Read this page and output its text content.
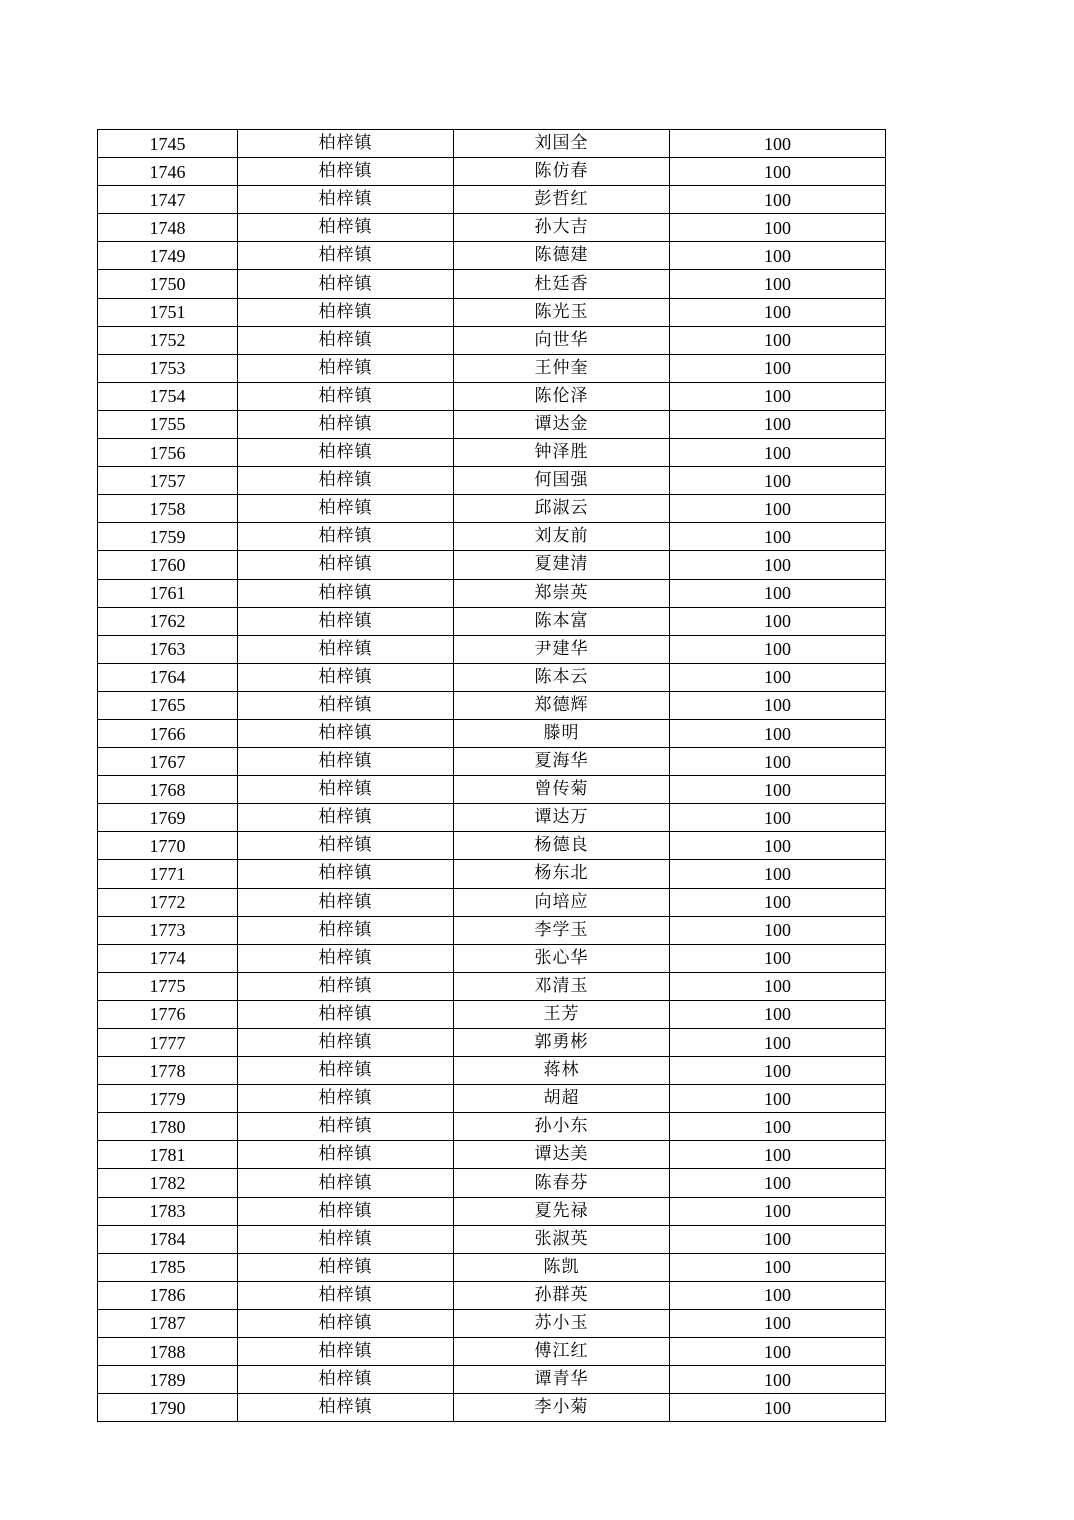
1745	柏梓镇	刘国全	100
1746	柏梓镇	陈仿春	100
1747	柏梓镇	彭哲红	100
1748	柏梓镇	孙大吉	100
1749	柏梓镇	陈德建	100
1750	柏梓镇	杜廷香	100
1751	柏梓镇	陈光玉	100
1752	柏梓镇	向世华	100
1753	柏梓镇	王仲奎	100
1754	柏梓镇	陈伦泽	100
1755	柏梓镇	谭达金	100
1756	柏梓镇	钟泽胜	100
1757	柏梓镇	何国强	100
1758	柏梓镇	邱淑云	100
1759	柏梓镇	刘友前	100
1760	柏梓镇	夏建清	100
1761	柏梓镇	郑崇英	100
1762	柏梓镇	陈本富	100
1763	柏梓镇	尹建华	100
1764	柏梓镇	陈本云	100
1765	柏梓镇	郑德辉	100
1766	柏梓镇	滕明	100
1767	柏梓镇	夏海华	100
1768	柏梓镇	曾传菊	100
1769	柏梓镇	谭达万	100
1770	柏梓镇	杨德良	100
1771	柏梓镇	杨东北	100
1772	柏梓镇	向培应	100
1773	柏梓镇	李学玉	100
1774	柏梓镇	张心华	100
1775	柏梓镇	邓清玉	100
1776	柏梓镇	王芳	100
1777	柏梓镇	郭勇彬	100
1778	柏梓镇	蒋林	100
1779	柏梓镇	胡超	100
1780	柏梓镇	孙小东	100
1781	柏梓镇	谭达美	100
1782	柏梓镇	陈春芬	100
1783	柏梓镇	夏先禄	100
1784	柏梓镇	张淑英	100
1785	柏梓镇	陈凯	100
1786	柏梓镇	孙群英	100
1787	柏梓镇	苏小玉	100
1788	柏梓镇	傅江红	100
1789	柏梓镇	谭青华	100
1790	柏梓镇	李小菊	100
